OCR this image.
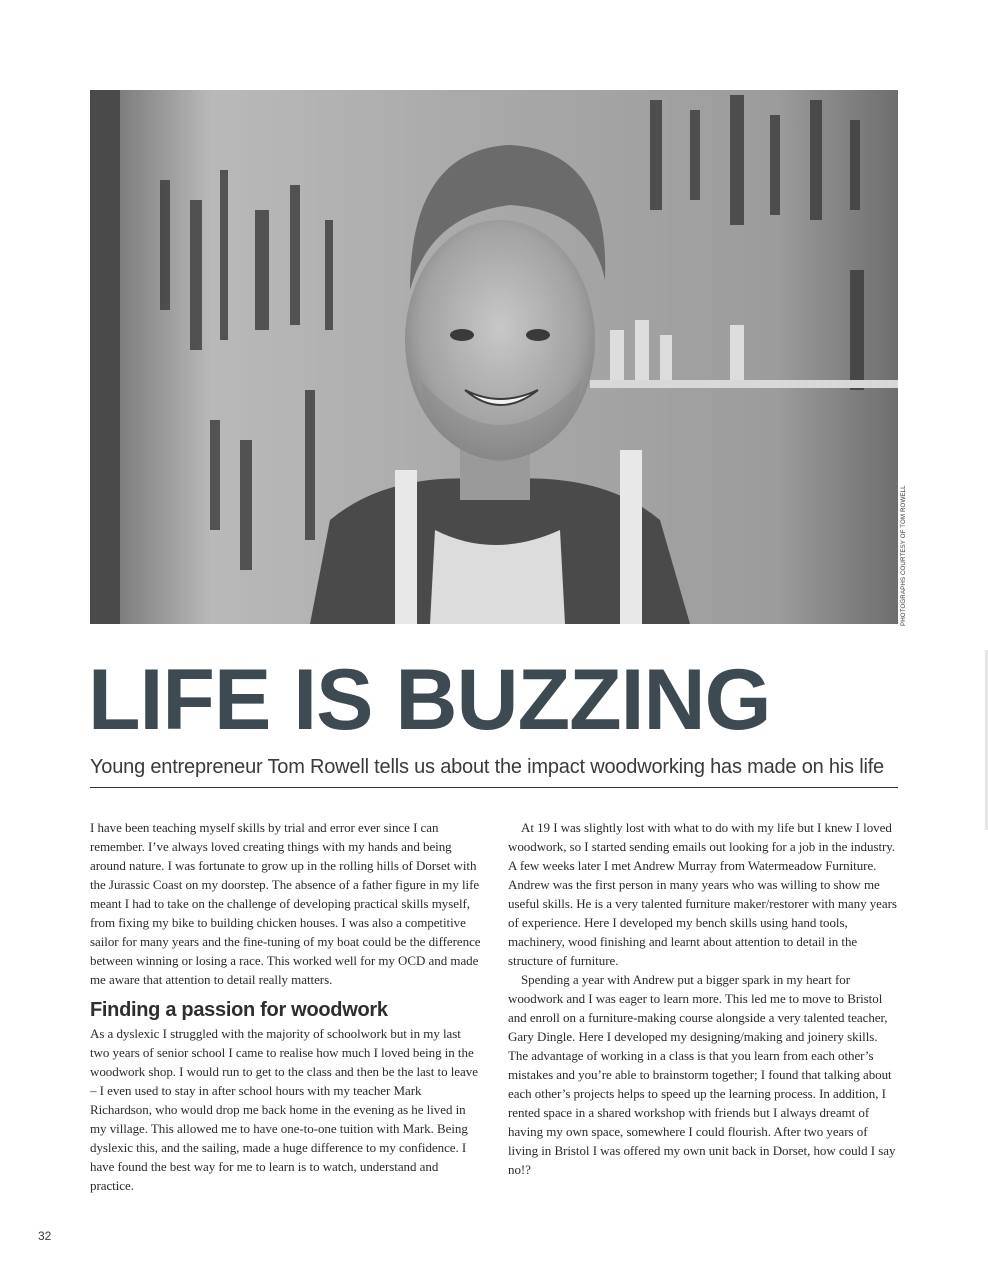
PHOTOGRAPHS COURTESY OF TOM ROWELL
LIFE IS BUZZING
Young entrepreneur Tom Rowell tells us about the impact woodworking has made on his life

I have been teaching myself skills by trial and error ever since I can remember. I’ve always loved creating things with my hands and being around nature. I was fortunate to grow up in the rolling hills of Dorset with the Jurassic Coast on my doorstep. The absence of a father figure in my life meant I had to take on the challenge of developing practical skills myself, from fixing my bike to building chicken houses. I was also a competitive sailor for many years and the fine-tuning of my boat could be the difference between winning or losing a race. This worked well for my OCD and made me aware that attention to detail really matters.

Finding a passion for woodwork

As a dyslexic I struggled with the majority of schoolwork but in my last two years of senior school I came to realise how much I loved being in the woodwork shop. I would run to get to the class and then be the last to leave – I even used to stay in after school hours with my teacher Mark Richardson, who would drop me back home in the evening as he lived in my village. This allowed me to have one-to-one tuition with Mark. Being dyslexic this, and the sailing, made a huge difference to my confidence. I have found the best way for me to learn is to watch, understand and practice.

At 19 I was slightly lost with what to do with my life but I knew I loved woodwork, so I started sending emails out looking for a job in the industry. A few weeks later I met Andrew Murray from Watermeadow Furniture. Andrew was the first person in many years who was willing to show me useful skills. He is a very talented furniture maker/restorer with many years of experience. Here I developed my bench skills using hand tools, machinery, wood finishing and learnt about attention to detail in the structure of furniture.

Spending a year with Andrew put a bigger spark in my heart for woodwork and I was eager to learn more. This led me to move to Bristol and enroll on a furniture-making course alongside a very talented teacher, Gary Dingle. Here I developed my designing/making and joinery skills. The advantage of working in a class is that you learn from each other’s mistakes and you’re able to brainstorm together; I found that talking about each other’s projects helps to speed up the learning process. In addition, I rented space in a shared workshop with friends but I always dreamt of having my own space, somewhere I could flourish. After two years of living in Bristol I was offered my own unit back in Dorset, how could I say no!?

32
